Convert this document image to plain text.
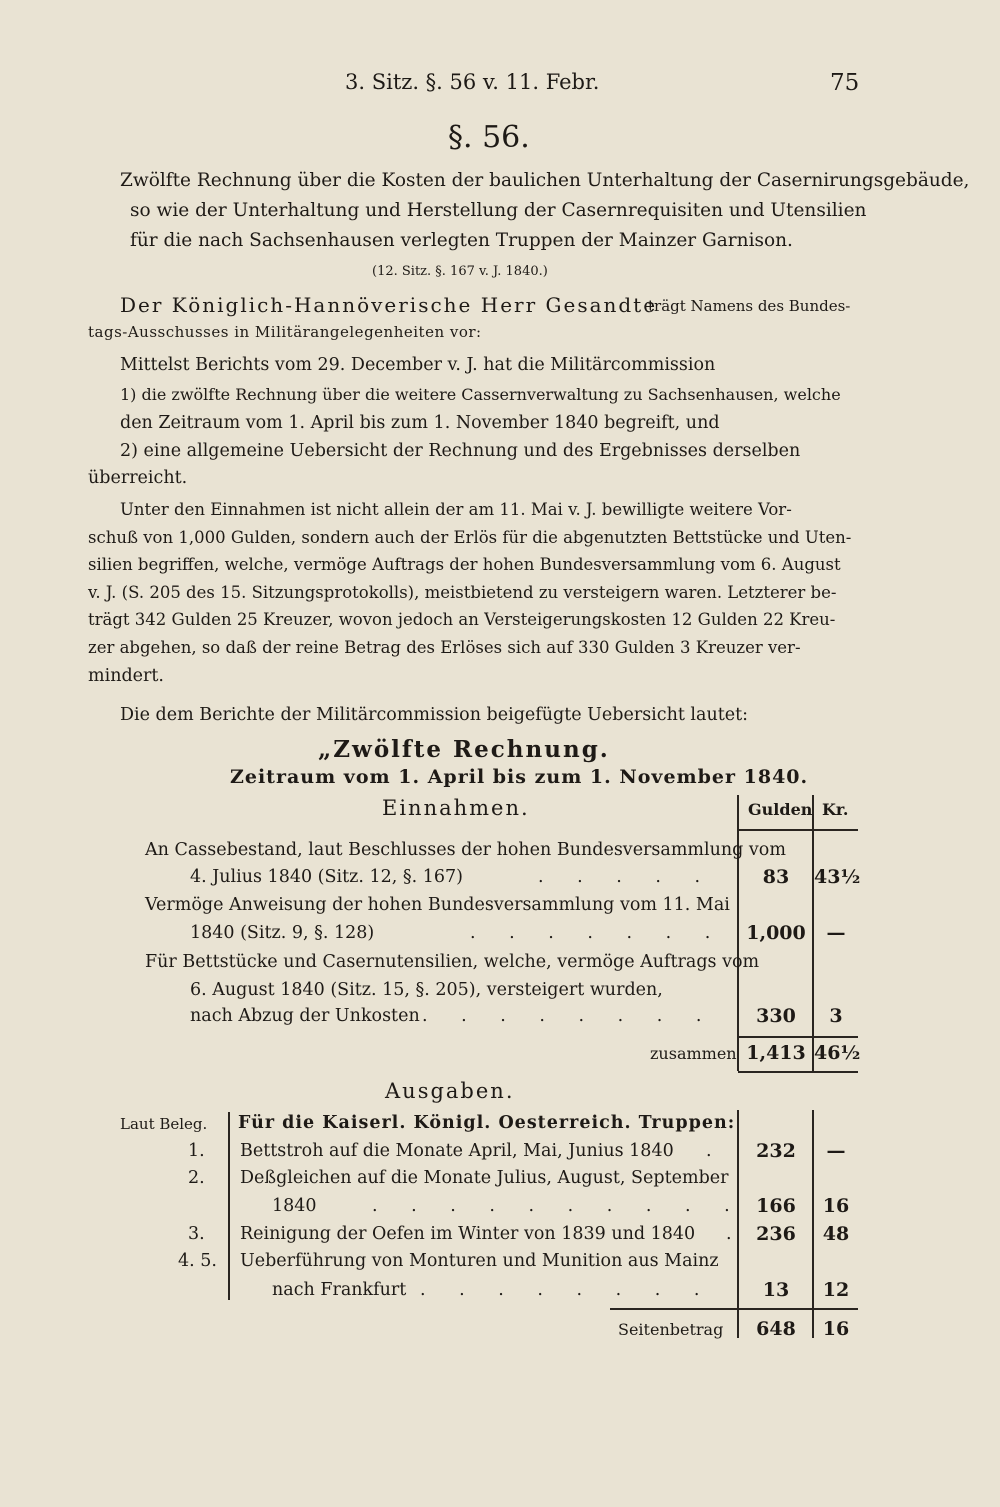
3. Sitz. §. 56 v. 11. Febr.	75
§. 56.
Zwölfte Rechnung über die Kosten der baulichen Unterhaltung der Casernirungsgebäude,
so wie der Unterhaltung und Herstellung der Casernrequisiten und Utensilien
für die nach Sachsenhausen verlegten Truppen der Mainzer Garnison.
(12. Sitz. §. 167 v. J. 1840.)
Der Königlich-Hannöverische Herr Gesandte
trägt Namens des Bundes-
tags-Ausschusses in Militärangelegenheiten vor:
Mittelst Berichts vom 29. December v. J. hat die Militärcommission
1) die zwölfte Rechnung über die weitere Cassernverwaltung zu Sachsenhausen, welche
den Zeitraum vom 1. April bis zum 1. November 1840 begreift, und
2) eine allgemeine Uebersicht der Rechnung und des Ergebnisses derselben
überreicht.
Unter den Einnahmen ist nicht allein der am 11. Mai v. J. bewilligte weitere Vor-
schuß von 1,000 Gulden, sondern auch der Erlös für die abgenutzten Bettstücke und Uten-
silien begriffen, welche, vermöge Auftrags der hohen Bundesversammlung vom 6. August
v. J. (S. 205 des 15. Sitzungsprotokolls), meistbietend zu versteigern waren. Letzterer be-
trägt 342 Gulden 25 Kreuzer, wovon jedoch an Versteigerungskosten 12 Gulden 22 Kreu-
zer abgehen, so daß der reine Betrag des Erlöses sich auf 330 Gulden 3 Kreuzer ver-
mindert.
Die dem Berichte der Militärcommission beigefügte Uebersicht lautet:
„Zwölfte Rechnung.
Zeitraum vom 1. April bis zum 1. November 1840.
Einnahmen.	Gulden Kr.
An Cassebestand, laut Beschlusses der hohen Bundesversammlung vom
4. Julius 1840 (Sitz. 12, §. 167)	. . . . .	83	43½
Vermöge Anweisung der hohen Bundesversammlung vom 11. Mai
1840 (Sitz. 9, §. 128)	. . . . . . .	1,000	—
Für Bettstücke und Casernutensilien, welche, vermöge Auftrags vom
6. August 1840 (Sitz. 15, §. 205), versteigert wurden,
nach Abzug der Unkosten . . . . . . . .	330	3
zusammen 1,413 46½
Ausgaben.
Laut Beleg. Für die Kaiserl. Königl. Oesterreich. Truppen:
1. Bettstroh auf die Monate April, Mai, Junius 1840 .	232	—
2. Deßgleichen auf die Monate Julius, August, September
1840	. . . . . . . . . . 166	16
3. Reinigung der Oefen im Winter von 1839 und 1840 .	236	48
4. 5. Ueberführung von Monturen und Munition aus Mainz
nach Frankfurt . . . . . . . .	13	12
Seitenbetrag	648	16
